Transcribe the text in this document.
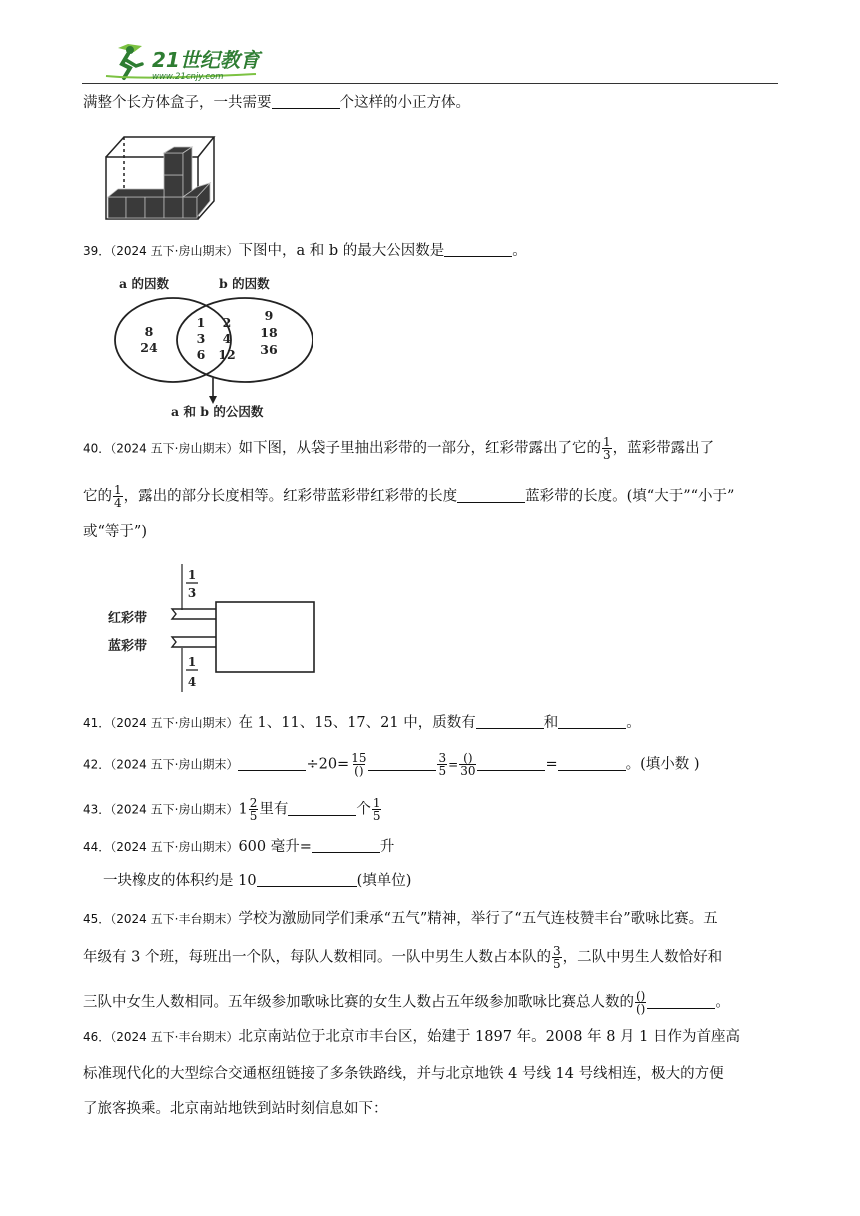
21世纪教育
www.21cnjy.com
满整个长方体盒子，一共需要	个这样的小正方体。
39．（2024 五下·房山期末）下图中，a 和 b 的最大公因数是	。
a 的因数	b 的因数
8
24
1 2
3 4
6 12
9
18
36
a 和 b 的公因数
40．（2024 五下·房山期末）如下图，从袋子里抽出彩带的一部分，红彩带露出了它的 $\frac{1}{3}$ ，蓝彩带露出了
它的 $\frac{1}{4}$ ，露出的部分长度相等。红彩带蓝彩带红彩带的长度	蓝彩带的长度。(填“大于”“小于”
或“等于”)
1
3
1
4
红彩带
蓝彩带
41．（2024 五下·房山期末）在 1、11、15、17、21 中，质数有	和	。
42．（2024 五下·房山期末）	$\div 20= \frac{15}{()}$	$\frac{3}{5} = \frac{()}{30}$	=	。(填小数 )
43．（2024 五下·房山期末）$1 \frac{2}{5}$ 里有	个 $\frac{1}{5}$
44．（2024 五下·房山期末）600 毫升=	升
一块橡皮的体积约是 10	(填单位)
45．（2024 五下·丰台期末）学校为激励同学们秉承“五气”精神，举行了“五气连枝赞丰台”歌咏比赛。五
年级有 3 个班，每班出一个队，每队人数相同。一队中男生人数占本队的 $\frac{3}{5}$ ，二队中男生人数恰好和
三队中女生人数相同。五年级参加歌咏比赛的女生人数占五年级参加歌咏比赛总人数的 $\frac{()}{()}$	。
46．（2024 五下·丰台期末）北京南站位于北京市丰台区，始建于 1897 年。2008 年 8 月 1 日作为首座高
标准现代化的大型综合交通枢纽链接了多条铁路线，并与北京地铁 4 号线 14 号线相连，极大的方便
了旅客换乘。北京南站地铁到站时刻信息如下：
